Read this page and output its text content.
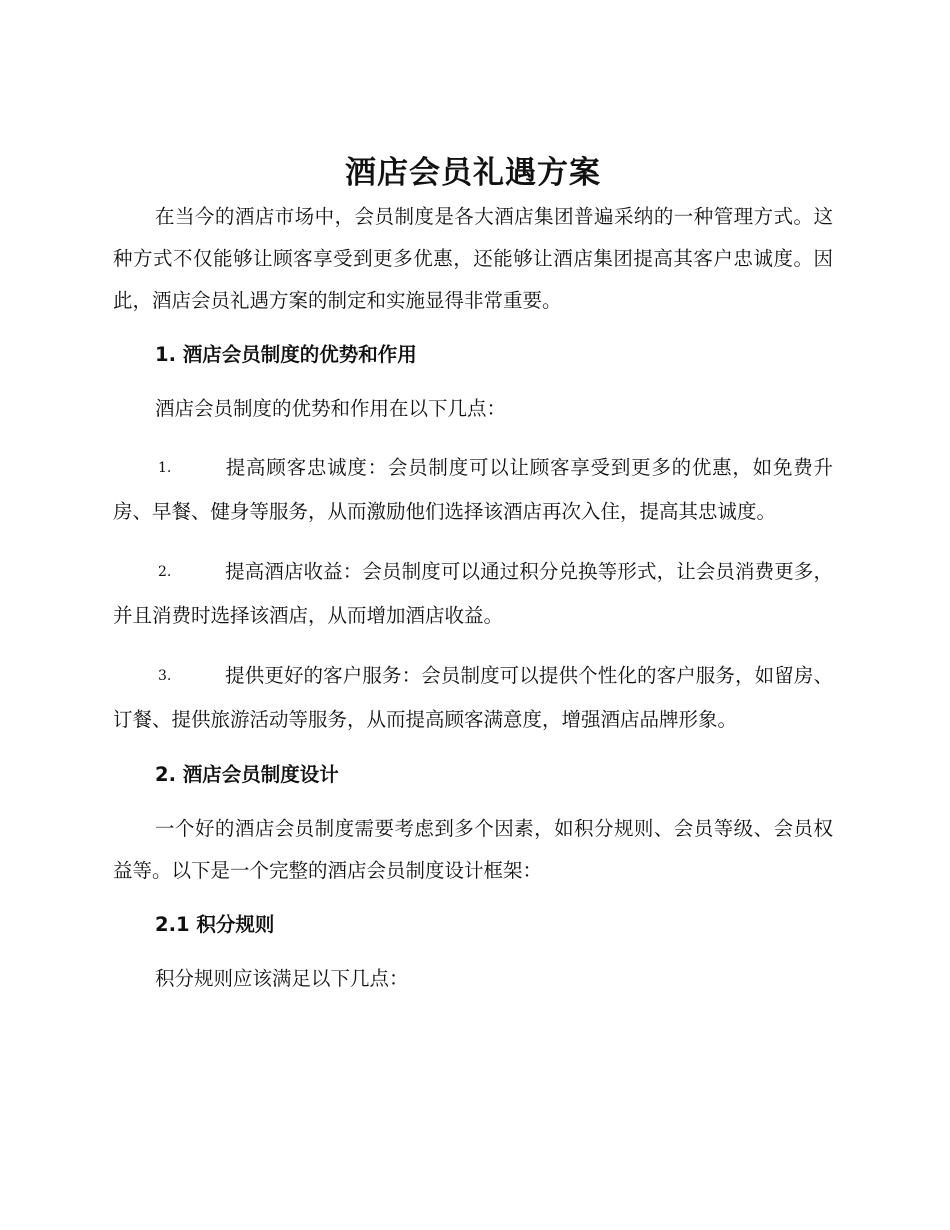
酒店会员礼遇方案

在当今的酒店市场中，会员制度是各大酒店集团普遍采纳的一种管理方式。这种方式不仅能够让顾客享受到更多优惠，还能够让酒店集团提高其客户忠诚度。因此，酒店会员礼遇方案的制定和实施显得非常重要。

1. 酒店会员制度的优势和作用

酒店会员制度的优势和作用在以下几点：

1.	提高顾客忠诚度：会员制度可以让顾客享受到更多的优惠，如免费升房、早餐、健身等服务，从而激励他们选择该酒店再次入住，提高其忠诚度。

2.	提高酒店收益：会员制度可以通过积分兑换等形式，让会员消费更多，并且消费时选择该酒店，从而增加酒店收益。

3.	提供更好的客户服务：会员制度可以提供个性化的客户服务，如留房、订餐、提供旅游活动等服务，从而提高顾客满意度，增强酒店品牌形象。

2. 酒店会员制度设计

一个好的酒店会员制度需要考虑到多个因素，如积分规则、会员等级、会员权益等。以下是一个完整的酒店会员制度设计框架：

2.1 积分规则

积分规则应该满足以下几点：
